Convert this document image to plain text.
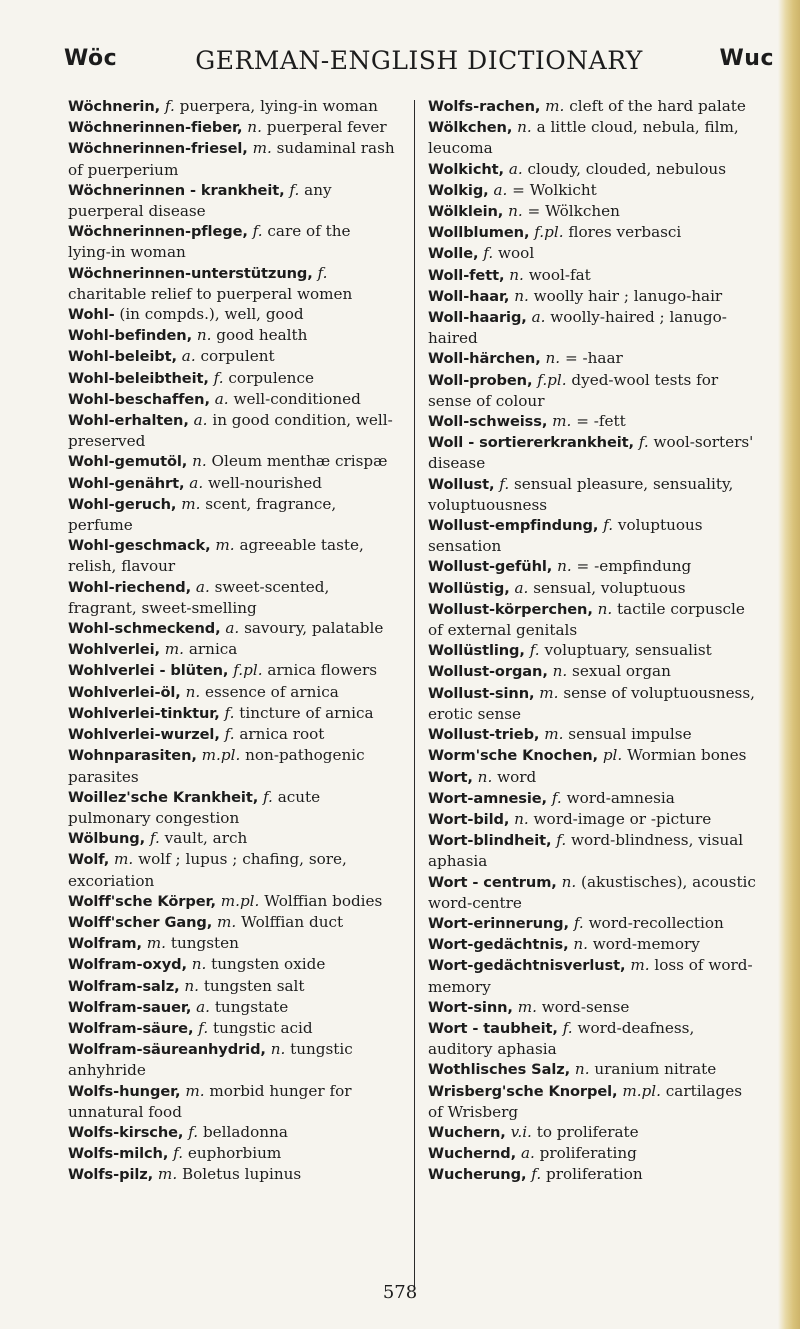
Wöc	GERMAN-ENGLISH DICTIONARY	Wuc

Wöchnerin, f. puerpera, lying-in woman

Wöchnerinnen-fieber, n. puerperal fever

Wöchnerinnen-friesel, m. sudaminal rash of puerperium

Wöchnerinnen - krankheit, f. any puerperal disease

Wöchnerinnen-pflege, f. care of the lying-in woman

Wöchnerinnen-unterstützung, f. charitable relief to puerperal women

Wohl- (in compds.), well, good

Wohl-befinden, n. good health

Wohl-beleibt, a. corpulent

Wohl-beleibtheit, f. corpulence

Wohl-beschaffen, a. well-conditioned

Wohl-erhalten, a. in good condition, well-preserved

Wohl-gemutöl, n. Oleum menthæ crispæ

Wohl-genährt, a. well-nourished

Wohl-geruch, m. scent, fragrance, perfume

Wohl-geschmack, m. agreeable taste, relish, flavour

Wohl-riechend, a. sweet-scented, fragrant, sweet-smelling

Wohl-schmeckend, a. savoury, palatable

Wohlverlei, m. arnica

Wohlverlei - blüten, f.pl. arnica flowers

Wohlverlei-öl, n. essence of arnica

Wohlverlei-tinktur, f. tincture of arnica

Wohlverlei-wurzel, f. arnica root

Wohnparasiten, m.pl. non-pathogenic parasites

Woillez'sche Krankheit, f. acute pulmonary congestion

Wölbung, f. vault, arch

Wolf, m. wolf ; lupus ; chafing, sore, excoriation

Wolff'sche Körper, m.pl. Wolffian bodies

Wolff'scher Gang, m. Wolffian duct

Wolfram, m. tungsten

Wolfram-oxyd, n. tungsten oxide

Wolfram-salz, n. tungsten salt

Wolfram-sauer, a. tungstate

Wolfram-säure, f. tungstic acid

Wolfram-säureanhydrid, n. tungstic anhyhride

Wolfs-hunger, m. morbid hunger for unnatural food

Wolfs-kirsche, f. belladonna

Wolfs-milch, f. euphorbium

Wolfs-pilz, m. Boletus lupinus

Wolfs-rachen, m. cleft of the hard palate

Wölkchen, n. a little cloud, nebula, film, leucoma

Wolkicht, a. cloudy, clouded, nebulous

Wolkig, a. = Wolkicht

Wölklein, n. = Wölkchen

Wollblumen, f.pl. flores verbasci

Wolle, f. wool

Woll-fett, n. wool-fat

Woll-haar, n. woolly hair ; lanugo-hair

Woll-haarig, a. woolly-haired ; lanugo-haired

Woll-härchen, n. = -haar

Woll-proben, f.pl. dyed-wool tests for sense of colour

Woll-schweiss, m. = -fett

Woll - sortiererkrankheit, f. wool-sorters' disease

Wollust, f. sensual pleasure, sensuality, voluptuousness

Wollust-empfindung, f. voluptuous sensation

Wollust-gefühl, n. = -empfindung

Wollüstig, a. sensual, voluptuous

Wollust-körperchen, n. tactile corpuscle of external genitals

Wollüstling, f. voluptuary, sensualist

Wollust-organ, n. sexual organ

Wollust-sinn, m. sense of voluptuousness, erotic sense

Wollust-trieb, m. sensual impulse

Worm'sche Knochen, pl. Wormian bones

Wort, n. word

Wort-amnesie, f. word-amnesia

Wort-bild, n. word-image or -picture

Wort-blindheit, f. word-blindness, visual aphasia

Wort - centrum, n. (akustisches), acoustic word-centre

Wort-erinnerung, f. word-recollection

Wort-gedächtnis, n. word-memory

Wort-gedächtnisverlust, m. loss of word-memory

Wort-sinn, m. word-sense

Wort - taubheit, f. word-deafness, auditory aphasia

Wothlisches Salz, n. uranium nitrate

Wrisberg'sche Knorpel, m.pl. cartilages of Wrisberg

Wuchern, v.i. to proliferate

Wuchernd, a. proliferating

Wucherung, f. proliferation

578
